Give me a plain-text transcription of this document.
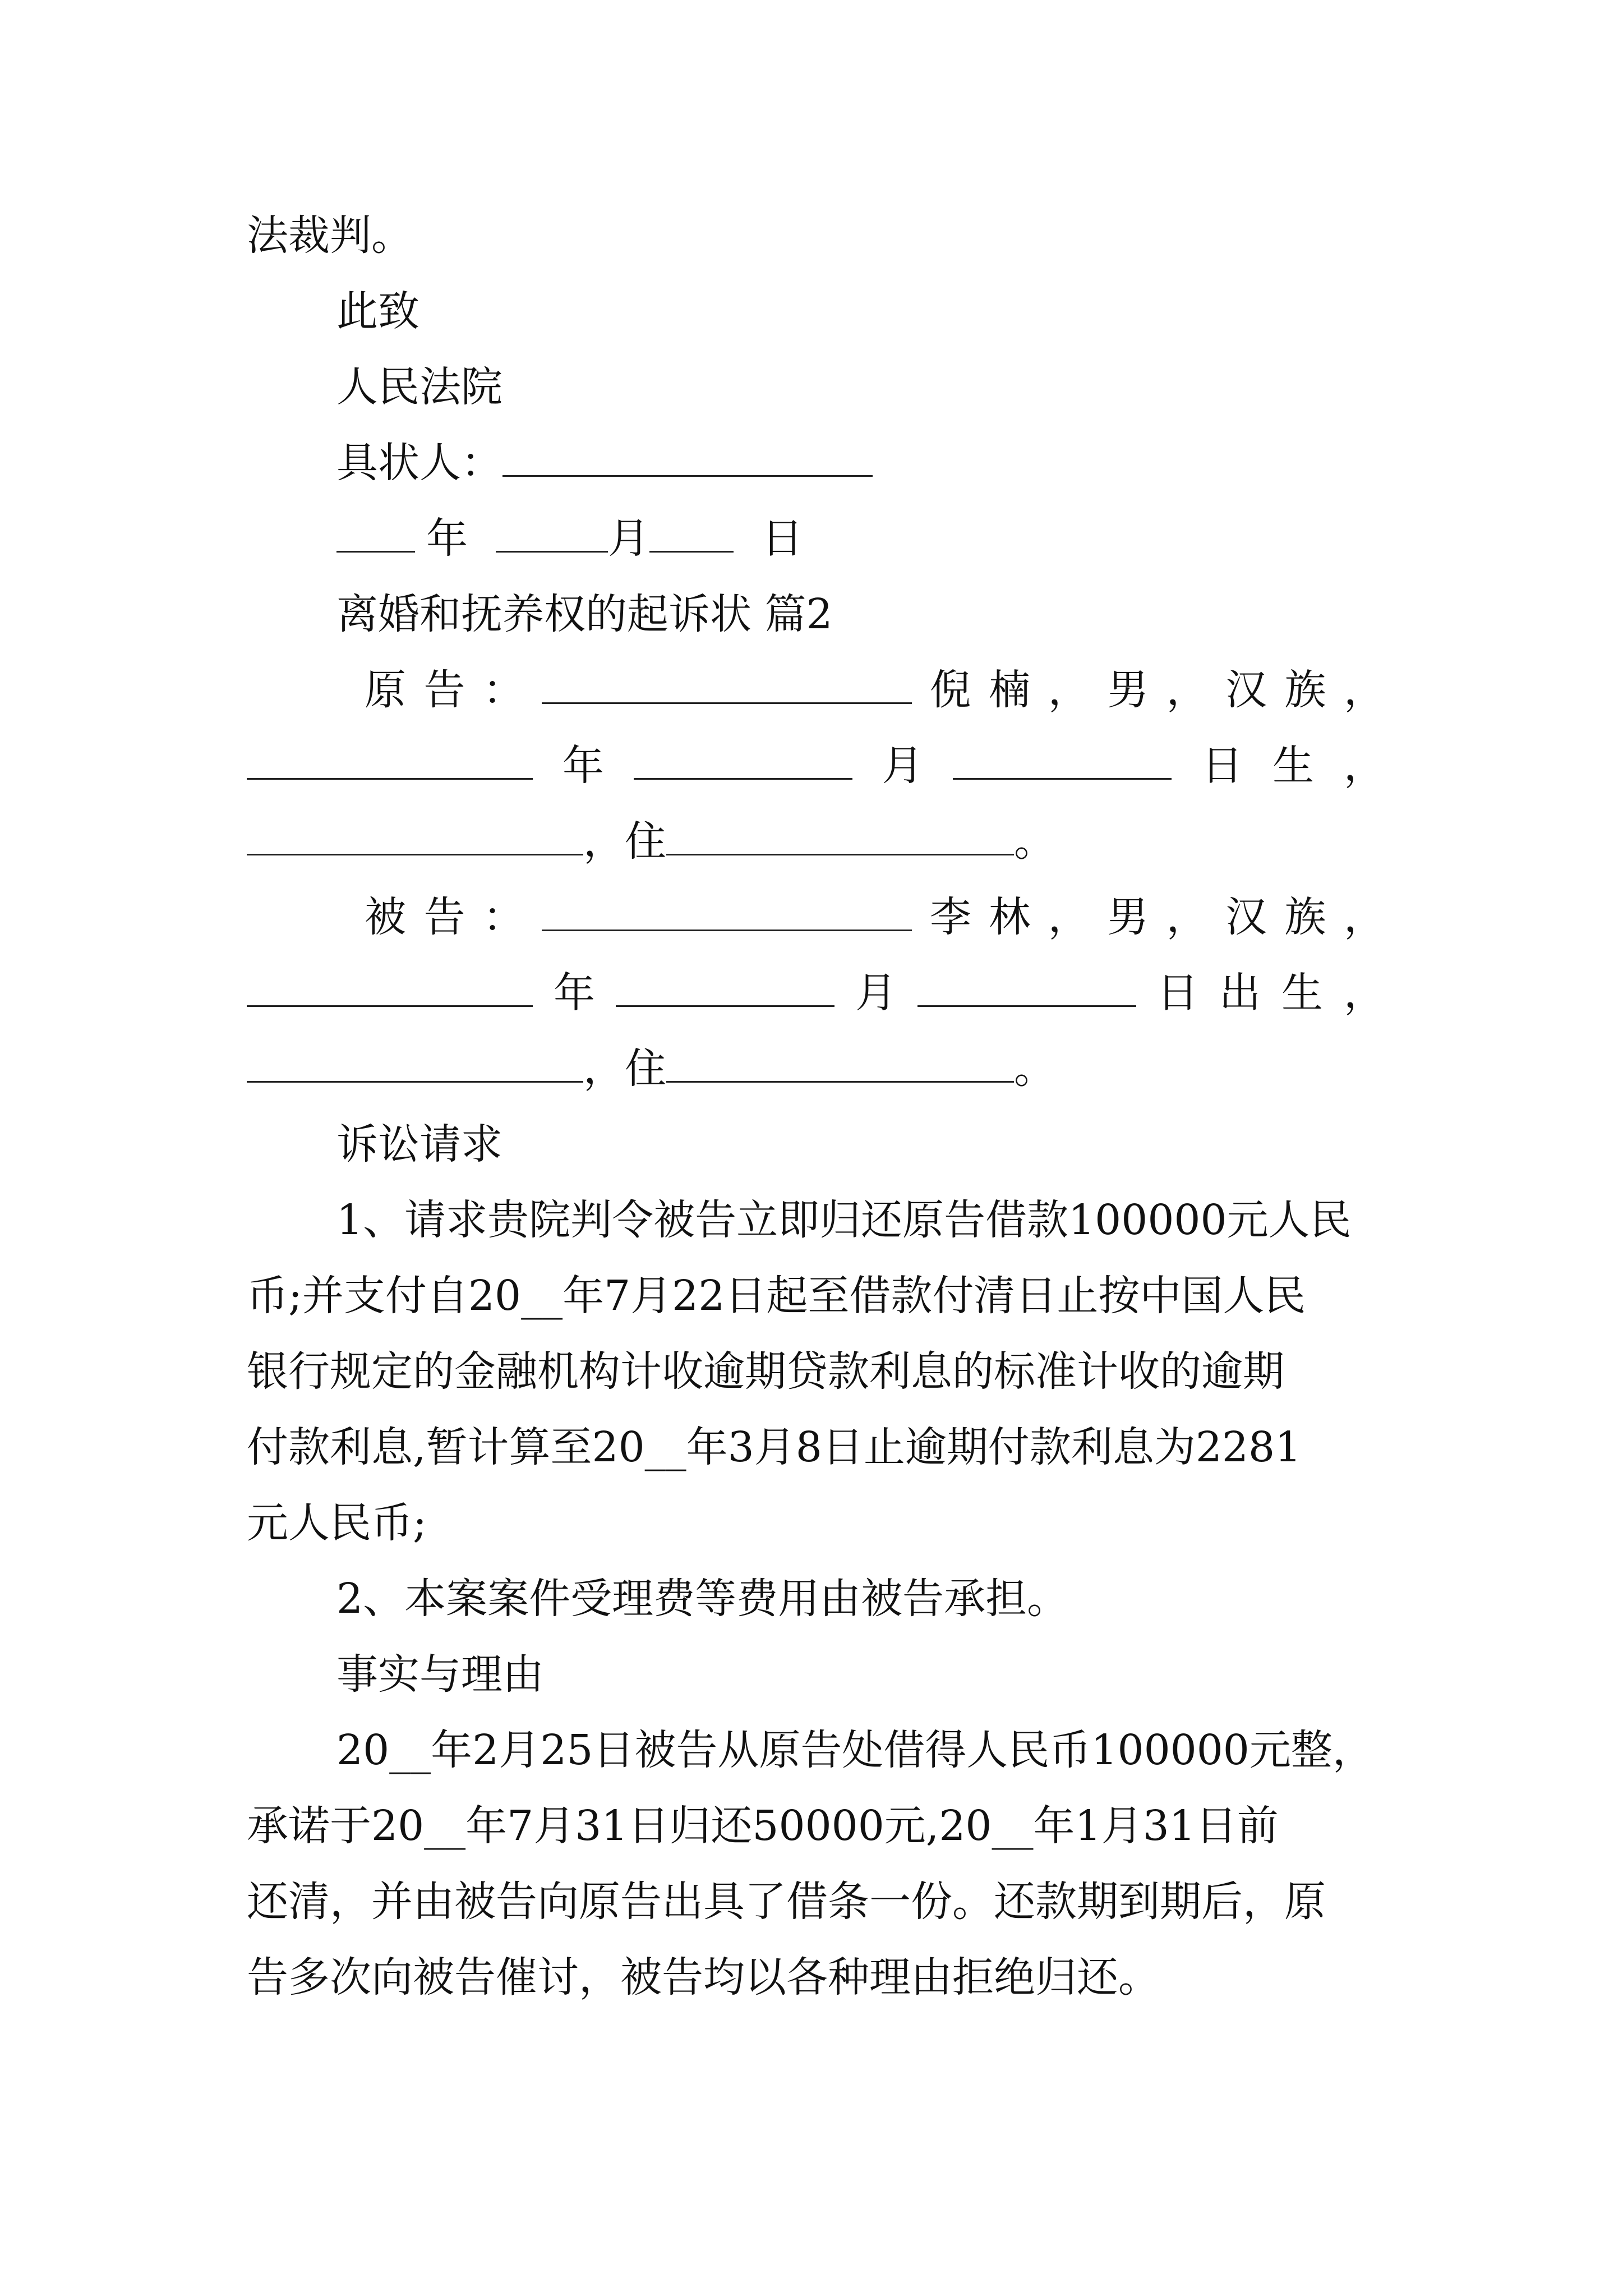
法裁判。
此致
人民法院
具状人：
年	月	日
离婚和抚养权的起诉状 篇2
原 告 ：	倪 楠 ， 男 ， 汉 族 ，
年	月	日 生 ，
，住	。
被 告 ：	李 林 ， 男 ， 汉 族 ，
年	月	日 出 生 ，
，住	。
诉讼请求
1、请求贵院判令被告立即归还原告借款100000元人民
币;并支付自20__年7月22日起至借款付清日止按中国人民
银行规定的金融机构计收逾期贷款利息的标准计收的逾期
付款利息,暂计算至20__年3月8日止逾期付款利息为2281
元人民币;
2、本案案件受理费等费用由被告承担。
事实与理由
20__年2月25日被告从原告处借得人民币100000元整，
承诺于20__年7月31日归还50000元,20__年1月31日前
还清，并由被告向原告出具了借条一份。还款期到期后，原
告多次向被告催讨，被告均以各种理由拒绝归还。
